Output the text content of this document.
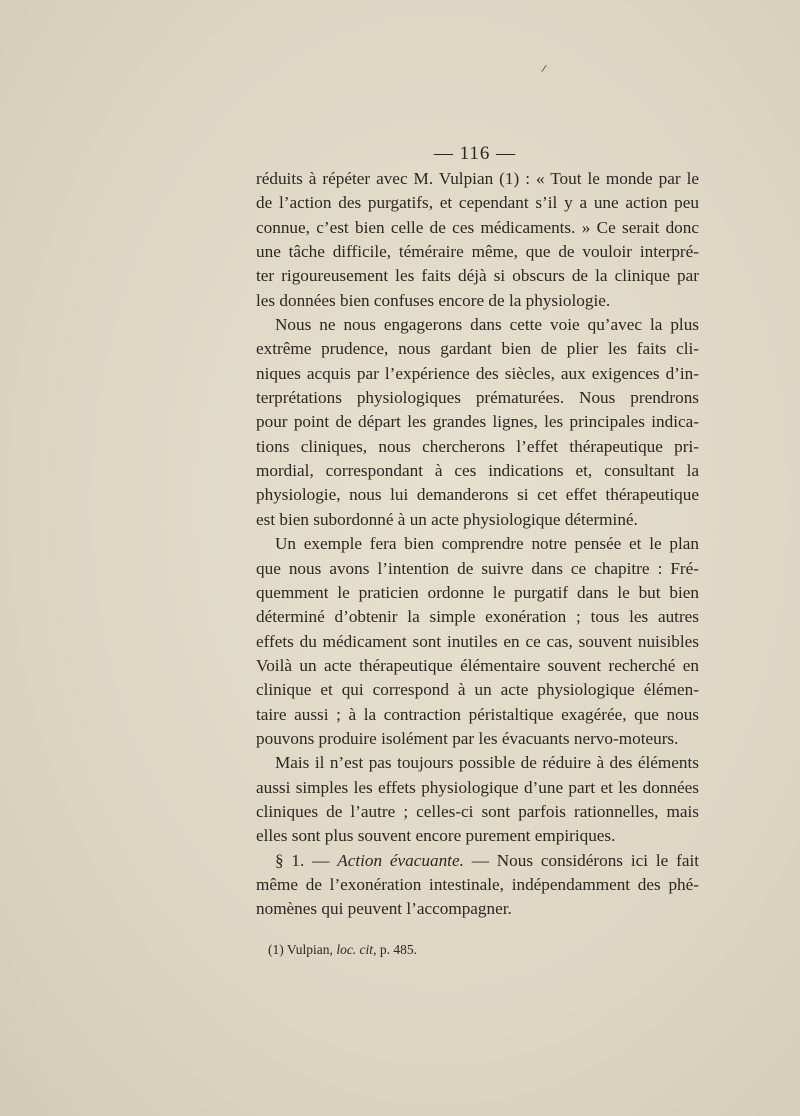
— 116 —
réduits à répéter avec M. Vulpian (1) : « Tout le monde par le
de l’action des purgatifs, et cependant s’il y a une action peu
connue, c’est bien celle de ces médicaments. » Ce serait donc
une tâche difficile, téméraire même, que de vouloir interpré-
ter rigoureusement les faits déjà si obscurs de la clinique par
les données bien confuses encore de la physiologie.
Nous ne nous engagerons dans cette voie qu’avec la plus
extrême prudence, nous gardant bien de plier les faits cli-
niques acquis par l’expérience des siècles, aux exigences d’in-
terprétations physiologiques prématurées. Nous prendrons
pour point de départ les grandes lignes, les principales indica-
tions cliniques, nous chercherons l’effet thérapeutique pri-
mordial, correspondant à ces indications et, consultant la
physiologie, nous lui demanderons si cet effet thérapeutique
est bien subordonné à un acte physiologique déterminé.
Un exemple fera bien comprendre notre pensée et le plan
que nous avons l’intention de suivre dans ce chapitre : Fré-
quemment le praticien ordonne le purgatif dans le but bien
déterminé d’obtenir la simple exonération ; tous les autres
effets du médicament sont inutiles en ce cas, souvent nuisibles
Voilà un acte thérapeutique élémentaire souvent recherché en
clinique et qui correspond à un acte physiologique élémen-
taire aussi ; à la contraction péristaltique exagérée, que nous
pouvons produire isolément par les évacuants nervo-moteurs.
Mais il n’est pas toujours possible de réduire à des éléments
aussi simples les effets physiologique d’une part et les données
cliniques de l’autre ; celles-ci sont parfois rationnelles, mais
elles sont plus souvent encore purement empiriques.
§ 1. — Action évacuante. — Nous considérons ici le fait
même de l’exonération intestinale, indépendamment des phé-
nomènes qui peuvent l’accompagner.
(1) Vulpian, loc. cit, p. 485.
